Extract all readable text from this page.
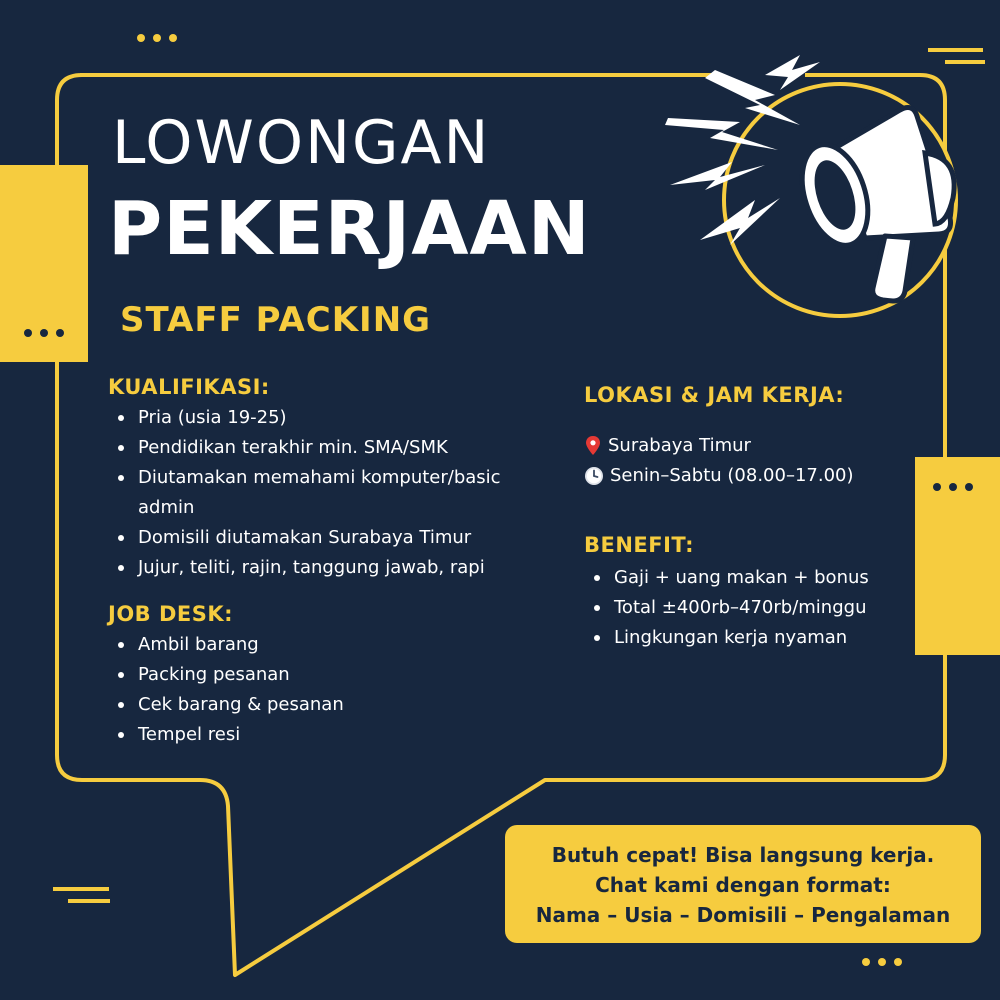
LOWONGAN
PEKERJAAN
STAFF PACKING
KUALIFIKASI:
Pria (usia 19-25)
Pendidikan terakhir min. SMA/SMK
Diutamakan memahami komputer/basic admin
Domisili diutamakan Surabaya Timur
Jujur, teliti, rajin, tanggung jawab, rapi
JOB DESK:
Ambil barang
Packing pesanan
Cek barang & pesanan
Tempel resi
LOKASI & JAM KERJA:
Surabaya Timur
Senin–Sabtu (08.00–17.00)
BENEFIT:
Gaji + uang makan + bonus
Total ±400rb–470rb/minggu
Lingkungan kerja nyaman
Butuh cepat! Bisa langsung kerja.
Chat kami dengan format:
Nama – Usia – Domisili – Pengalaman
